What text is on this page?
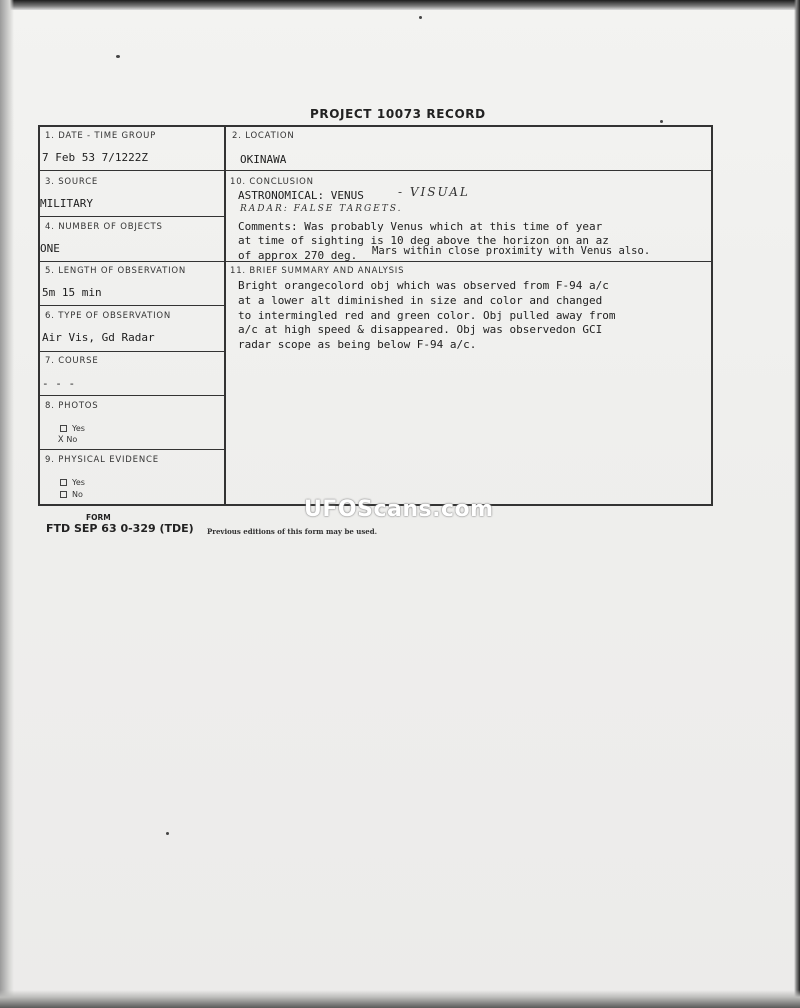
PROJECT 10073 RECORD
1. DATE - TIME GROUP
7 Feb 53 7/1222Z
2. LOCATION
OKINAWA
3. SOURCE
MILITARY
4. NUMBER OF OBJECTS
ONE
5. LENGTH OF OBSERVATION
5m 15 min
6. TYPE OF OBSERVATION
Air Vis, Gd Radar
7. COURSE
- - -
8. PHOTOS
Yes
X No
9. PHYSICAL EVIDENCE
Yes
No
10. CONCLUSION
ASTRONOMICAL: VENUS	- VISUAL
RADAR: FALSE TARGETS.
Comments: Was probably Venus which at this time of year
at time of sighting is 10 deg above the horizon on an az
of approx 270 deg. Mars within close proximity with Venus also.
11. BRIEF SUMMARY AND ANALYSIS
Bright orangecolord obj which was observed from F-94 a/c
at a lower alt diminished in size and color and changed
to intermingled red and green color. Obj pulled away from
a/c at high speed & disappeared. Obj was observedon GCI
radar scope as being below F-94 a/c.
FORM
FTD SEP 63 0-329 (TDE) Previous editions of this form may be used.
UFOScans.com
